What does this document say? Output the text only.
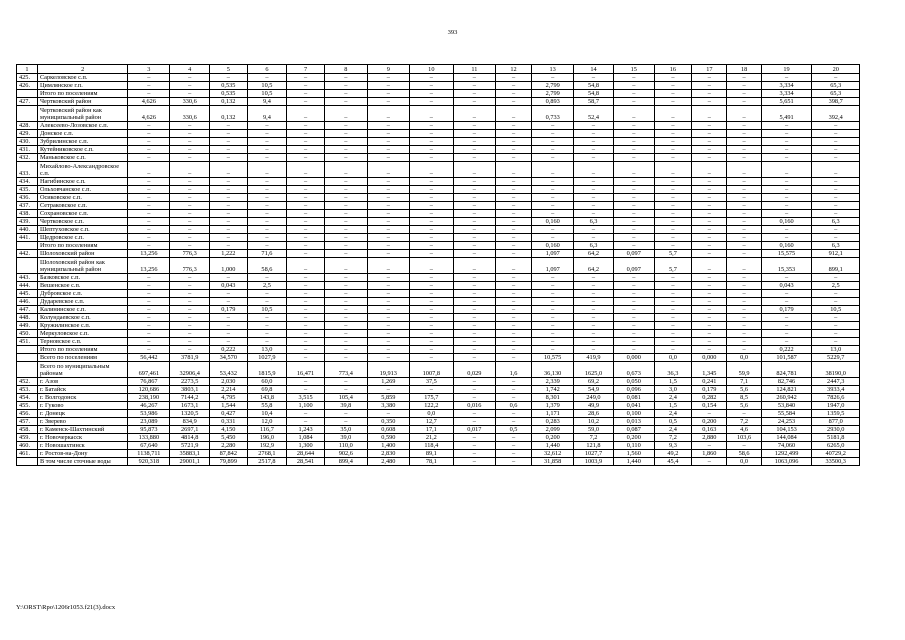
393
1	2	3	4	5	6	7	8	9	10	11	12	13	14	15	16	17	18	19	20
425.	Саркеловское с.п.	–	–	–	–	–	–	–	–	–	–	–	–	–	–	–	–	–	–
426.	Цимлянское г.п.	–	–	0,535	10,5	–	–	–	–	–	–	2,799	54,8	–	–	–	–	3,334	65,3
	Итого по поселениям	–	–	0,535	10,5	–	–	–	–	–	–	2,799	54,8	–	–	–	–	3,334	65,3
427.	Чертковский район	4,626	330,6	0,132	9,4	–	–	–	–	–	–	0,893	58,7	–	–	–	–	5,651	398,7
	Чертковский район как муниципальный район	4,626	330,6	0,132	9,4	–	–	–	–	–	–	0,733	52,4	–	–	–	–	5,491	392,4
428.	Алексеево-Лозовское с.п.	–	–	–	–	–	–	–	–	–	–	–	–	–	–	–	–	–	–
429.	Донское с.п.	–	–	–	–	–	–	–	–	–	–	–	–	–	–	–	–	–	–
430.	Зубрилинское с.п.	–	–	–	–	–	–	–	–	–	–	–	–	–	–	–	–	–	–
431.	Кутейниковское с.п.	–	–	–	–	–	–	–	–	–	–	–	–	–	–	–	–	–	–
432.	Маньковское с.п.	–	–	–	–	–	–	–	–	–	–	–	–	–	–	–	–	–	–
433.	Михайлово-Александровское с.п.	–	–	–	–	–	–	–	–	–	–	–	–	–	–	–	–	–	–
434.	Нагибинское с.п.	–	–	–	–	–	–	–	–	–	–	–	–	–	–	–	–	–	–
435.	Ольховчанское с.п.	–	–	–	–	–	–	–	–	–	–	–	–	–	–	–	–	–	–
436.	Осиковское с.п.	–	–	–	–	–	–	–	–	–	–	–	–	–	–	–	–	–	–
437.	Сетраковское с.п.	–	–	–	–	–	–	–	–	–	–	–	–	–	–	–	–	–	–
438.	Сохрановское с.п.	–	–	–	–	–	–	–	–	–	–	–	–	–	–	–	–	–	–
439.	Чертковское с.п.	–	–	–	–	–	–	–	–	–	–	0,160	6,3	–	–	–	–	0,160	6,3
440.	Шептуховское с.п.	–	–	–	–	–	–	–	–	–	–	–	–	–	–	–	–	–	–
441.	Щедровское с.п.	–	–	–	–	–	–	–	–	–	–	–	–	–	–	–	–	–	–
	Итого по поселениям	–	–	–	–	–	–	–	–	–	–	0,160	6,3	–	–	–	–	0,160	6,3
442.	Шолоховский район	13,256	776,3	1,222	71,6	–	–	–	–	–	–	1,097	64,2	0,097	5,7	–	–	15,575	912,1
	Шолоховский район как муниципальный район	13,256	776,3	1,000	58,6	–	–	–	–	–	–	1,097	64,2	0,097	5,7	–	–	15,353	899,1
443.	Базковское с.п.	–	–	–	–	–	–	–	–	–	–	–	–	–	–	–	–	–	–
444.	Вешенское с.п.	–	–	0,043	2,5	–	–	–	–	–	–	–	–	–	–	–	–	0,043	2,5
445.	Дубровское с.п.	–	–	–	–	–	–	–	–	–	–	–	–	–	–	–	–	–	–
446.	Дударевское с.п.	–	–	–	–	–	–	–	–	–	–	–	–	–	–	–	–	–	–
447.	Калининское с.п.	–	–	0,179	10,5	–	–	–	–	–	–	–	–	–	–	–	–	0,179	10,5
448.	Колундаевское с.п.	–	–	–	–	–	–	–	–	–	–	–	–	–	–	–	–	–	–
449.	Кружилинское с.п.	–	–	–	–	–	–	–	–	–	–	–	–	–	–	–	–	–	–
450.	Меркуловское с.п.	–	–	–	–	–	–	–	–	–	–	–	–	–	–	–	–	–	–
451.	Терновское с.п.	–	–	–	–	–	–	–	–	–	–	–	–	–	–	–	–	–	–
	Итого по поселениям	–	–	0,222	13,0	–	–	–	–	–	–	–	–	–	–	–	–	0,222	13,0
	Всего по поселениям	56,442	3781,9	34,570	1027,9	–	–	–	–	–	–	10,575	419,9	0,000	0,0	0,000	0,0	101,587	5229,7
	Всего по муниципальным районам	697,461	32906,4	53,432	1815,9	16,471	773,4	19,913	1007,8	0,029	1,6	36,130	1625,0	0,673	36,3	1,345	59,9	824,781	38190,0
452.	г. Азов	76,867	2273,5	2,030	60,0	–	–	1,269	37,5	–	–	2,339	69,2	0,050	1,5	0,241	7,1	82,746	2447,3
453.	г. Батайск	120,686	3803,1	2,214	69,8	–	–	–	–	–	–	1,742	54,9	0,096	3,0	0,179	5,6	124,821	3933,4
454.	г. Волгодонск	238,190	7144,2	4,795	143,8	3,515	105,4	5,859	175,7	–	–	8,301	249,0	0,081	2,4	0,282	8,5	260,942	7826,6
455.	г. Гуково	46,267	1673,1	1,544	55,8	1,100	39,8	3,380	122,2	0,016	0,6	1,379	49,9	0,041	1,5	0,154	5,6	53,840	1947,0
456.	г. Донецк	53,986	1320,5	0,427	10,4	–	–	–	0,0	–	–	1,171	28,6	0,100	2,4	–	–	55,584	1359,5
457.	г. Зверево	23,089	834,9	0,331	12,0	–	–	0,350	12,7	–	–	0,283	10,2	0,013	0,5	0,200	7,2	24,253	877,0
458.	г. Каменск-Шахтинский	95,873	2697,1	4,150	116,7	1,243	35,0	0,608	17,1	0,017	0,5	2,099	59,0	0,087	2,4	0,163	4,6	104,153	2930,0
459.	г. Новочеркасск	133,880	4814,8	5,450	196,0	1,084	39,0	0,590	21,2	–	–	0,200	7,2	0,200	7,2	2,880	103,6	144,084	5181,8
460.	г. Новошахтинск	67,640	5721,9	2,280	192,9	1,300	110,0	1,400	118,4	–	–	1,440	121,8	0,110	9,3	–	–	74,060	6265,0
461.	г. Ростов-на-Дону	1138,711	35883,1	87,842	2768,1	28,644	902,6	2,830	89,1	–	–	32,612	1027,7	1,560	49,2	1,860	58,6	1292,499	40729,2
	В том числе сточные воды	920,318	29001,1	79,899	2517,8	28,541	899,4	2,480	78,1	–	–	31,858	1003,9	1,440	45,4	–	0,0	1063,096	33500,3
Y:\ORST\Rpo\1206r1053.f21(3).docx
